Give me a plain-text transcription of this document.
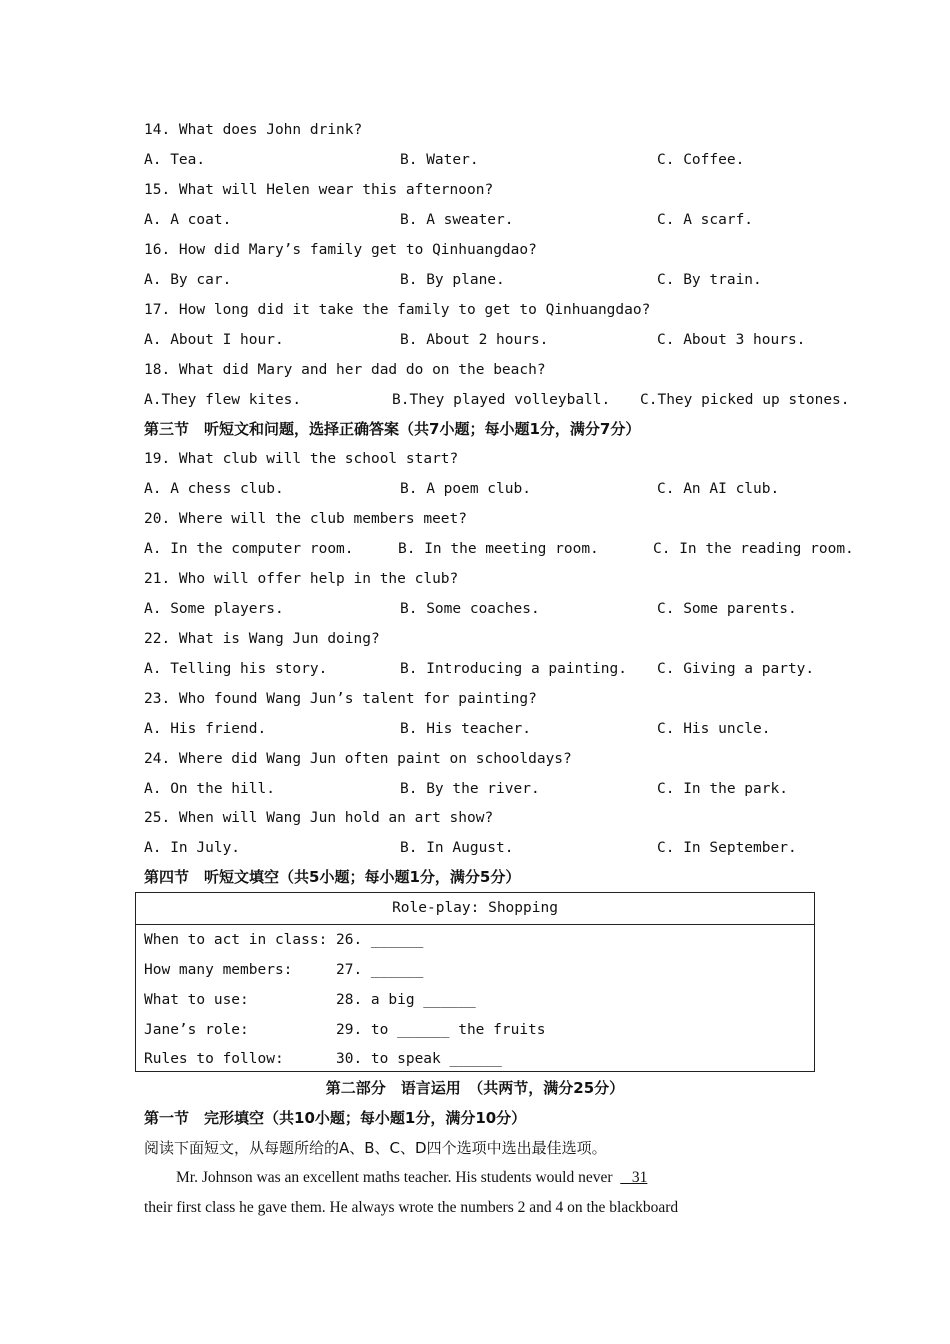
14. What does John drink?
A. Tea.	B. Water.	C. Coffee.
15. What will Helen wear this afternoon?
A. A coat.	B. A sweater.	C. A scarf.
16. How did Mary’s family get to Qinhuangdao?
A. By car.	B. By plane.	C. By train.
17. How long did it take the family to get to Qinhuangdao?
A. About I hour.	B. About 2 hours.	C. About 3 hours.
18. What did Mary and her dad do on the beach?
A.They flew kites.	B.They played volleyball. C.They picked up stones.
第三节　听短文和问题，选择正确答案（共7小题；每小题1分，满分7分）
19. What club will the school start?
A. A chess club.	B. A poem club.	C. An AI club.
20. Where will the club members meet?
A. In the computer room.	B. In the meeting room.	C. In the reading room.
21. Who will offer help in the club?
A. Some players.	B. Some coaches.	C. Some parents.
22. What is Wang Jun doing?
A. Telling his story.	B. Introducing a painting. C. Giving a party.
23. Who found Wang Jun’s talent for painting?
A. His friend.	B. His teacher.	C. His uncle.
24. Where did Wang Jun often paint on schooldays?
A. On the hill.	B. By the river.	C. In the park.
25. When will Wang Jun hold an art show?
A. In July.	B. In August.	C. In September.
第四节　听短文填空（共5小题；每小题1分，满分5分）
Role-play: Shopping
When to act in class: 26. ______
How many members:	27. ______
What to use:	28. a big ______
Jane’s role:	29. to ______ the fruits
Rules to follow:	30. to speak ______
第二部分　语言运用　（共两节，满分25分）
第一节　完形填空（共10小题；每小题1分，满分10分）
阅读下面短文，从每题所给的A、B、C、D四个选项中选出最佳选项。
Mr. Johnson was an excellent maths teacher. His students would never     31
their first class he gave them. He always wrote the numbers 2 and 4 on the blackboard
